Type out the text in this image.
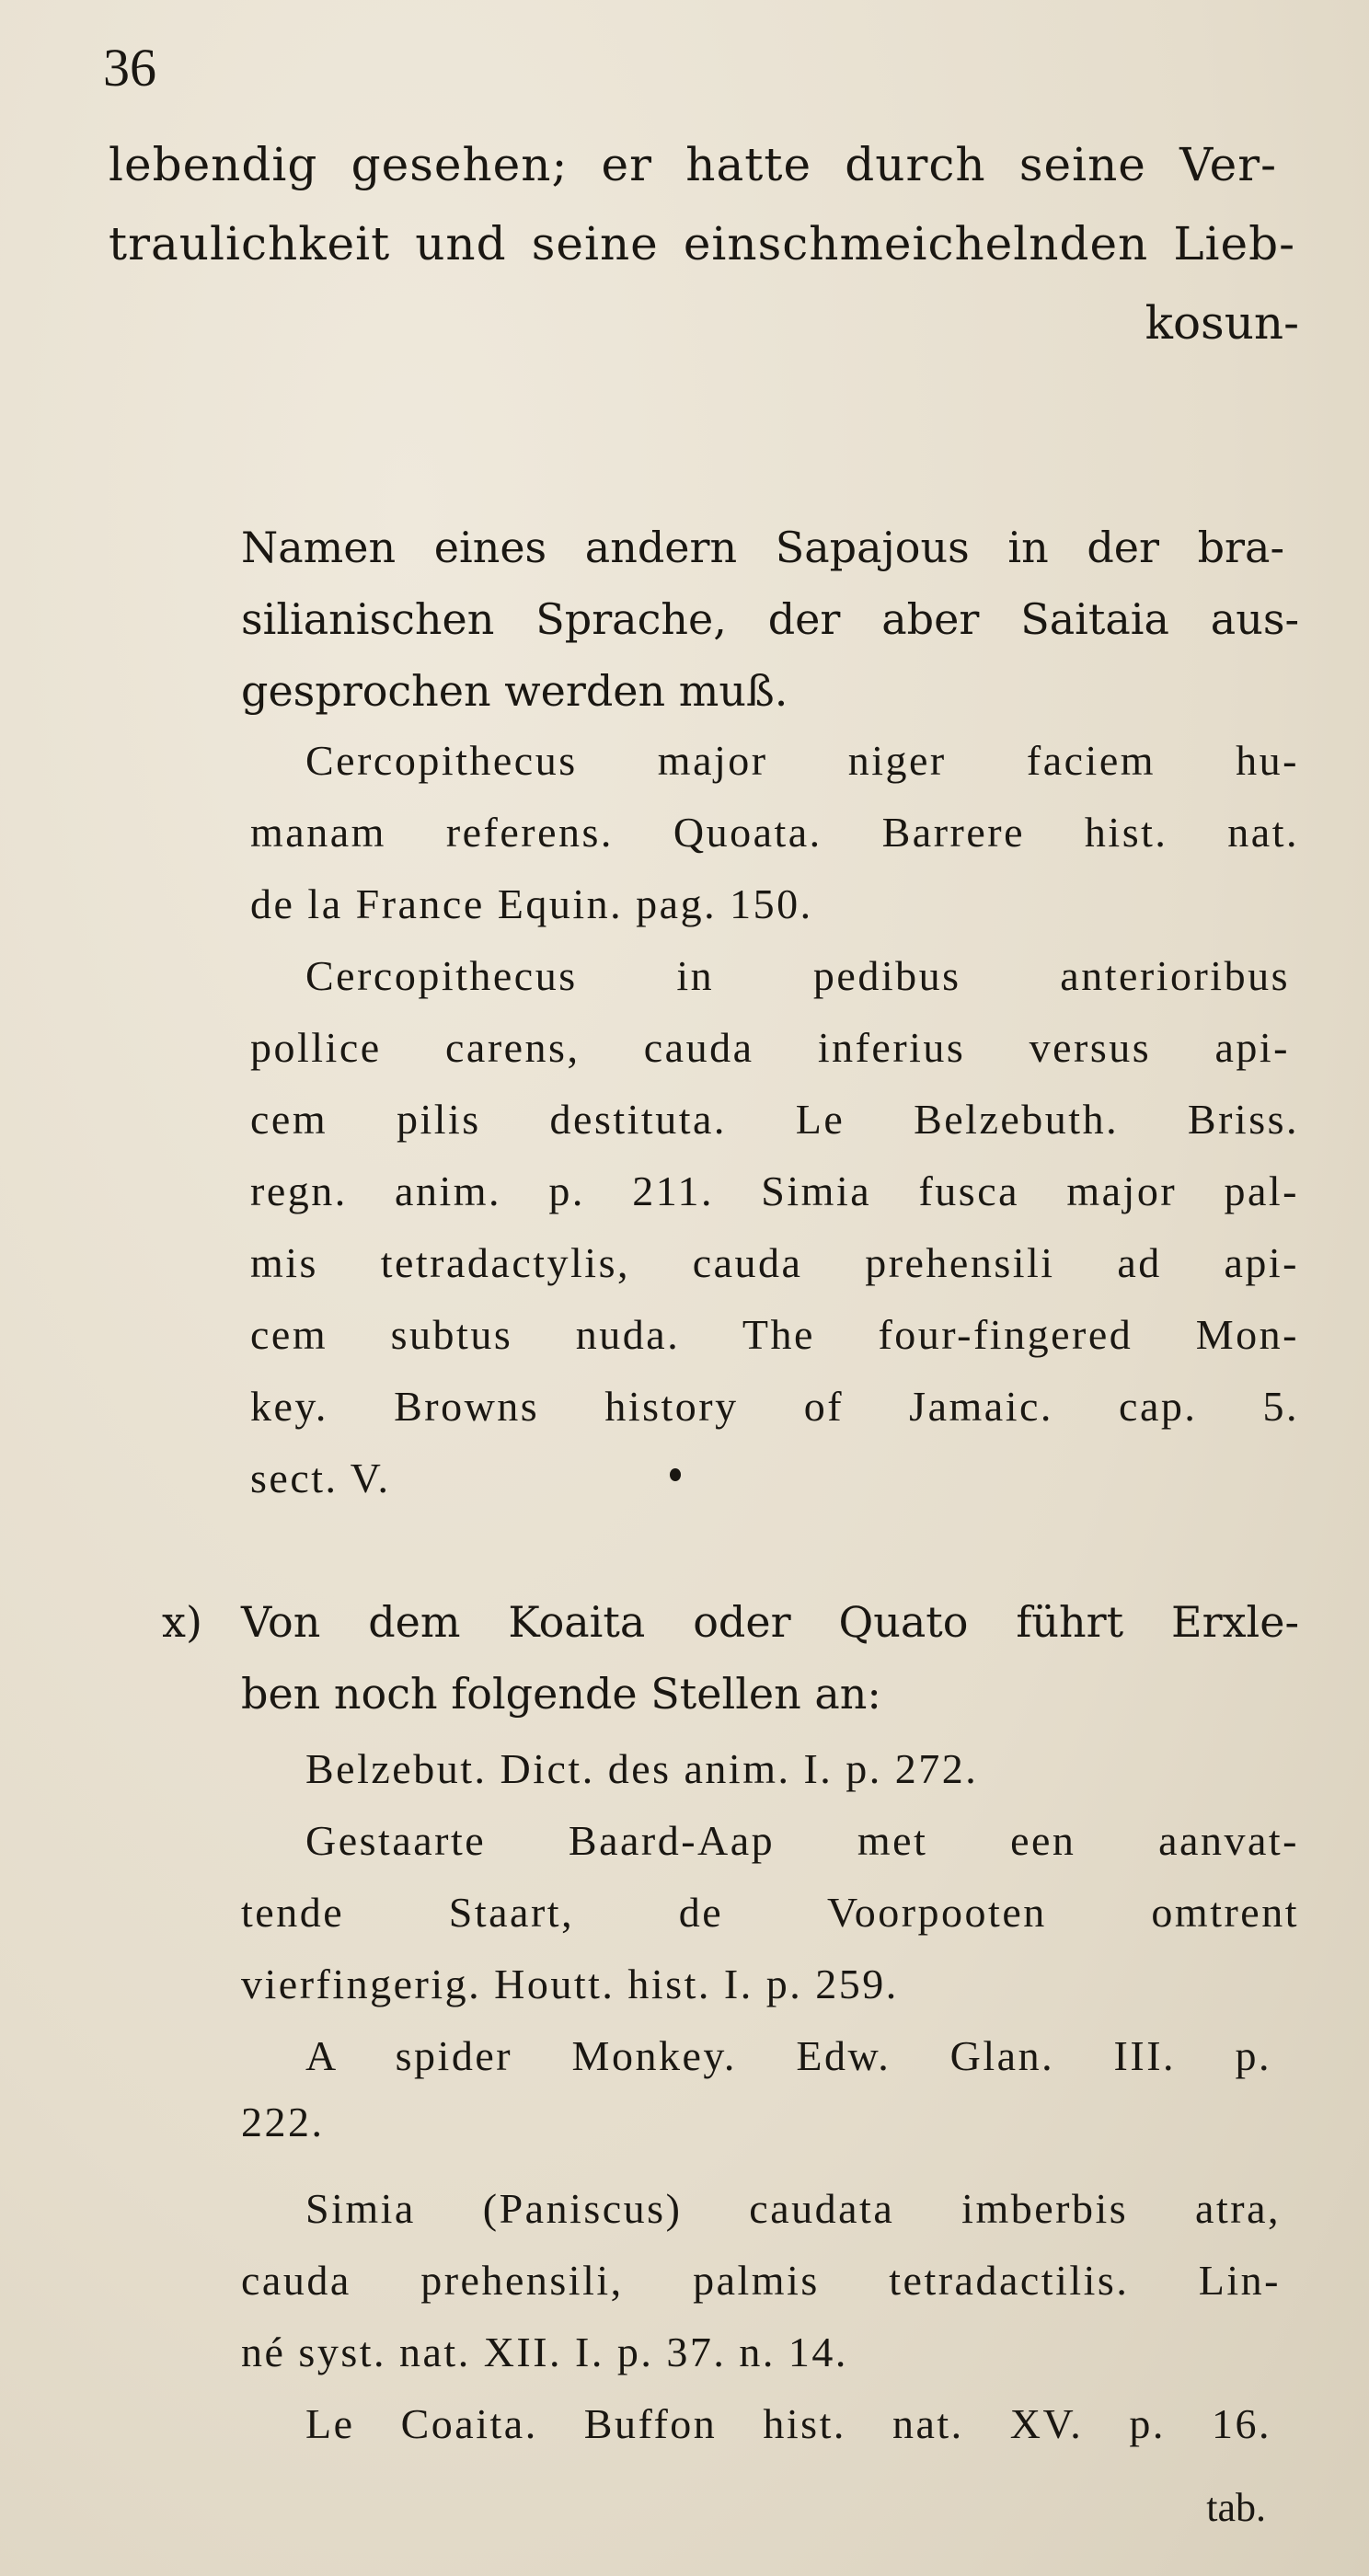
36
lebendig gesehen; er hatte durch seine Ver-
traulichkeit und seine einschmeichelnden Lieb-
kosun-
Namen eines andern Sapajous in der bra-
silianischen Sprache, der aber Saitaia aus-
gesprochen werden muß.
Cercopithecus major niger faciem hu-
manam referens. Quoata. Barrere hist. nat.
de la France Equin. pag. 150.
Cercopithecus in pedibus anterioribus
pollice carens, cauda inferius versus api-
cem pilis destituta. Le Belzebuth. Briss.
regn. anim. p. 211. Simia fusca major pal-
mis tetradactylis, cauda prehensili ad api-
cem subtus nuda. The four-fingered Mon-
key. Browns history of Jamaic. cap. 5.
sect. V.
x) Von dem Koaita oder Quato führt Erxle-
ben noch folgende Stellen an:
Belzebut. Dict. des anim. I. p. 272.
Gestaarte Baard-Aap met een aanvat-
tende Staart, de Voorpooten omtrent
vierfingerig. Houtt. hist. I. p. 259.
A spider Monkey. Edw. Glan. III. p.
222.
Simia (Paniscus) caudata imberbis atra,
cauda prehensili, palmis tetradactilis. Lin-
né syst. nat. XII. I. p. 37. n. 14.
Le Coaita. Buffon hist. nat. XV. p. 16.
tab.
